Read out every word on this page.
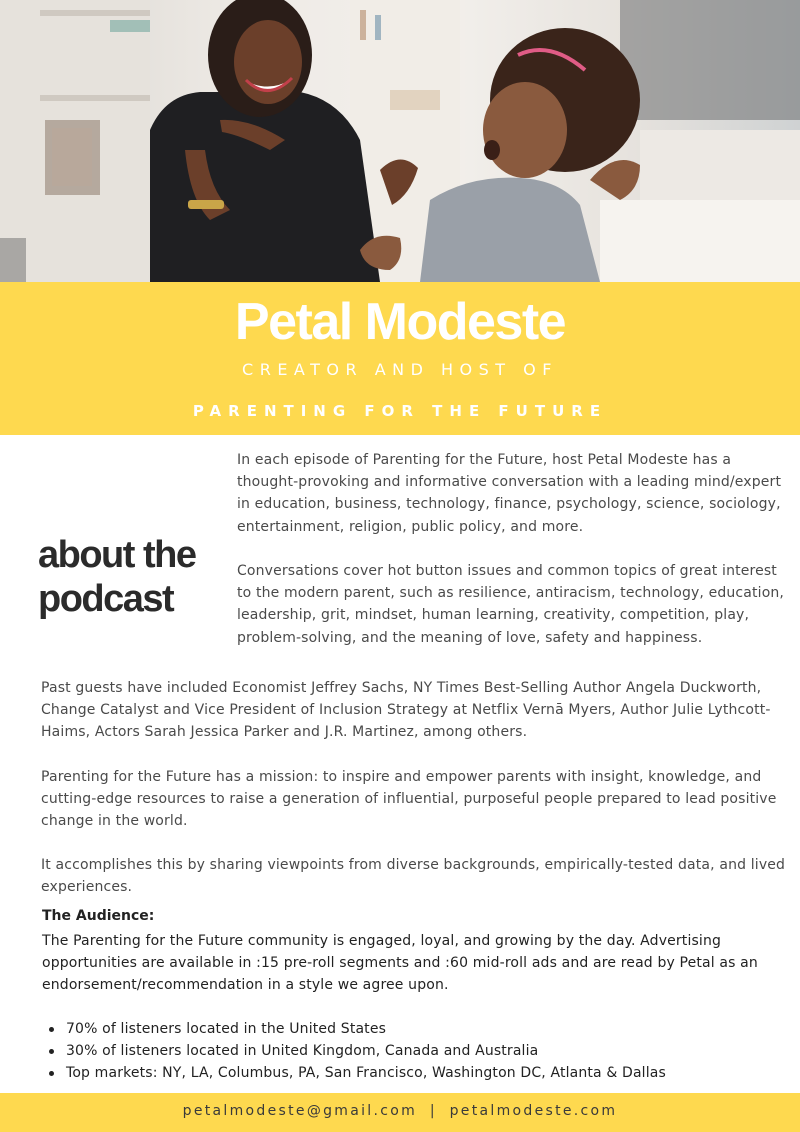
Petal Modeste
CREATOR AND HOST OF
PARENTING FOR THE FUTURE
about the
podcast

In each episode of Parenting for the Future, host Petal Modeste has a thought-provoking and informative conversation with a leading mind/expert in education, business, technology, finance, psychology, science, sociology, entertainment, religion, public policy, and more.

Conversations cover hot button issues and common topics of great interest to the modern parent, such as resilience, antiracism, technology, education, leadership, grit, mindset, human learning, creativity, competition, play, problem-solving, and the meaning of love, safety and happiness.

Past guests have included Economist Jeffrey Sachs, NY Times Best-Selling Author Angela Duckworth, Change Catalyst and Vice President of Inclusion Strategy at Netflix Vernā Myers, Author Julie Lythcott-Haims, Actors Sarah Jessica Parker and J.R. Martinez, among others.

Parenting for the Future has a mission: to inspire and empower parents with insight, knowledge, and cutting-edge resources to raise a generation of influential, purposeful people prepared to lead positive change in the world.

It accomplishes this by sharing viewpoints from diverse backgrounds, empirically-tested data, and lived experiences.

The Audience:

The Parenting for the Future community is engaged, loyal, and growing by the day. Advertising opportunities are available in :15 pre-roll segments and :60 mid-roll ads and are read by Petal as an endorsement/recommendation in a style we agree upon.

70% of listeners located in the United States
30% of listeners located in United Kingdom, Canada and Australia
Top markets: NY, LA, Columbus, PA, San Francisco, Washington DC, Atlanta & Dallas
petalmodeste@gmail.com | petalmodeste.com
